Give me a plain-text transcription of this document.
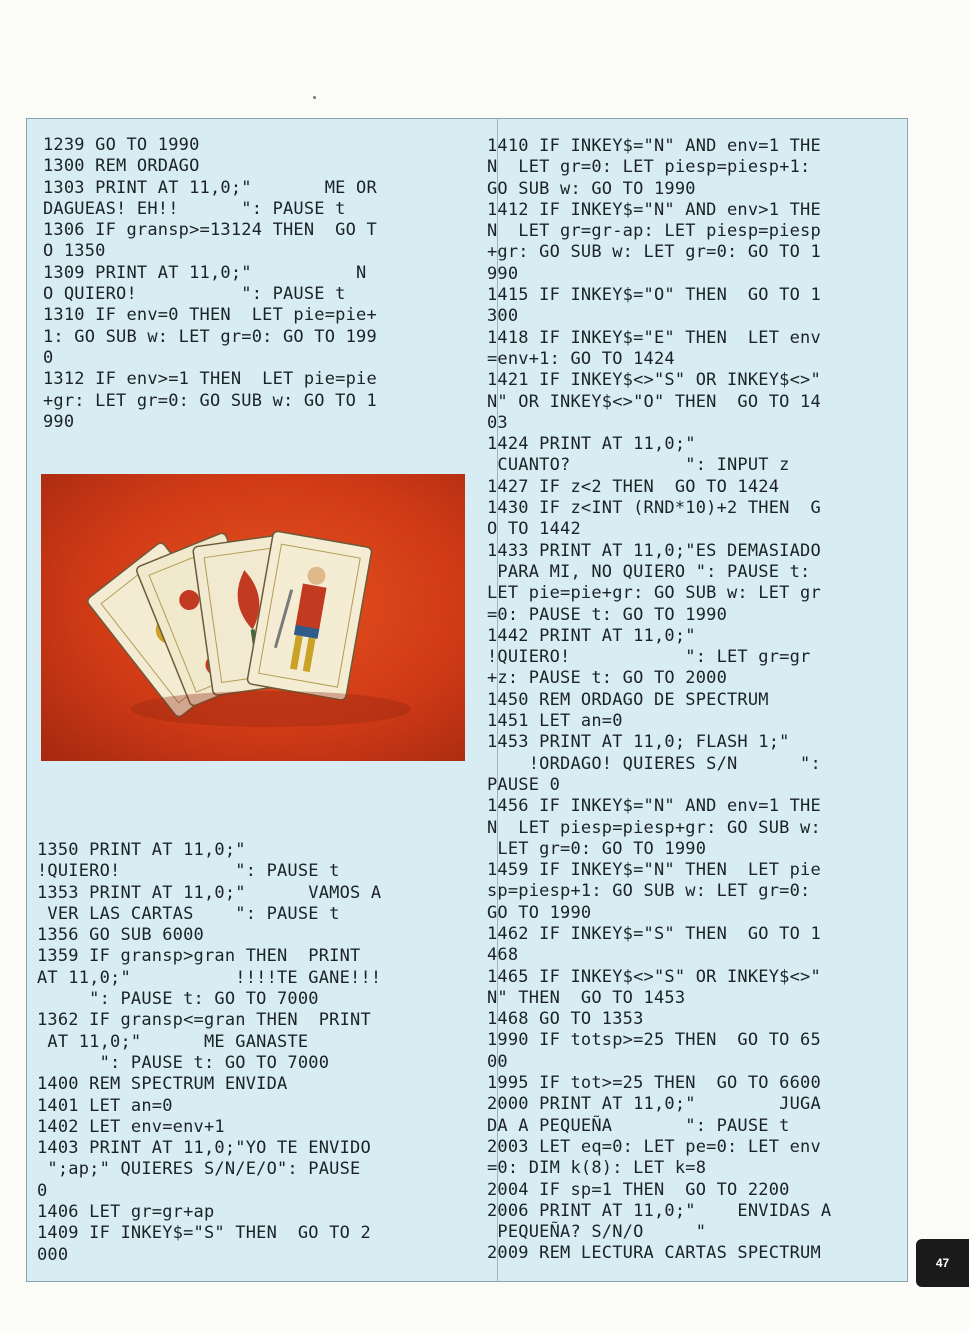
1239 GO TO 1990
1300 REM ORDAGO
1303 PRINT AT 11,0;"       ME OR
DAGUEAS! EH!!      ": PAUSE t
1306 IF gransp>=13124 THEN  GO T
O 1350
1309 PRINT AT 11,0;"          N
O QUIERO!          ": PAUSE t
1310 IF env=0 THEN  LET pie=pie+
1: GO SUB w: LET gr=0: GO TO 199
0
1312 IF env>=1 THEN  LET pie=pie
+gr: LET gr=0: GO SUB w: GO TO 1
990
1350 PRINT AT 11,0;"
!QUIERO!           ": PAUSE t
1353 PRINT AT 11,0;"      VAMOS A
VER LAS CARTAS    ": PAUSE t
1356 GO SUB 6000
1359 IF gransp>gran THEN  PRINT
AT 11,0;"          !!!!TE GANE!!!
": PAUSE t: GO TO 7000
1362 IF gransp<=gran THEN  PRINT
AT 11,0;"      ME GANASTE
": PAUSE t: GO TO 7000
1400 REM SPECTRUM ENVIDA
1401 LET an=0
1402 LET env=env+1
1403 PRINT AT 11,0;"YO TE ENVIDO
";ap;" QUIERES S/N/E/O": PAUSE
0
1406 LET gr=gr+ap
1409 IF INKEY$="S" THEN  GO TO 2
000
1410 IF INKEY$="N" AND env=1 THE
N  LET gr=0: LET piesp=piesp+1:
GO SUB w: GO TO 1990
1412 IF INKEY$="N" AND env>1 THE
N  LET gr=gr-ap: LET piesp=piesp
+gr: GO SUB w: LET gr=0: GO TO 1
990
1415 IF INKEY$="O" THEN  GO TO 1
300
1418 IF INKEY$="E" THEN  LET env
=env+1: GO TO 1424
1421 IF INKEY$<>"S" OR INKEY$<>"
N" OR INKEY$<>"O" THEN  GO TO 14
03
1424 PRINT AT 11,0;"
CUANTO?           ": INPUT z
1427 IF z<2 THEN  GO TO 1424
1430 IF z<INT (RND*10)+2 THEN  G
O TO 1442
1433 PRINT AT 11,0;"ES DEMASIADO
PARA MI, NO QUIERO ": PAUSE t:
LET pie=pie+gr: GO SUB w: LET gr
=0: PAUSE t: GO TO 1990
1442 PRINT AT 11,0;"
!QUIERO!           ": LET gr=gr
+z: PAUSE t: GO TO 2000
1450 REM ORDAGO DE SPECTRUM
1451 LET an=0
1453 PRINT AT 11,0; FLASH 1;"
!ORDAGO! QUIERES S/N      ":
PAUSE 0
1456 IF INKEY$="N" AND env=1 THE
N  LET piesp=piesp+gr: GO SUB w:
LET gr=0: GO TO 1990
1459 IF INKEY$="N" THEN  LET pie
sp=piesp+1: GO SUB w: LET gr=0:
GO TO 1990
1462 IF INKEY$="S" THEN  GO TO 1
468
1465 IF INKEY$<>"S" OR INKEY$<>"
N" THEN  GO TO 1453
1468 GO TO 1353
1990 IF totsp>=25 THEN  GO TO 65
00
1995 IF tot>=25 THEN  GO TO 6600
2000 PRINT AT 11,0;"        JUGA
DA A PEQUEÑA       ": PAUSE t
2003 LET eq=0: LET pe=0: LET env
=0: DIM k(8): LET k=8
2004 IF sp=1 THEN  GO TO 2200
2006 PRINT AT 11,0;"    ENVIDAS A
PEQUEÑA? S/N/O     "
2009 REM LECTURA CARTAS SPECTRUM	47
